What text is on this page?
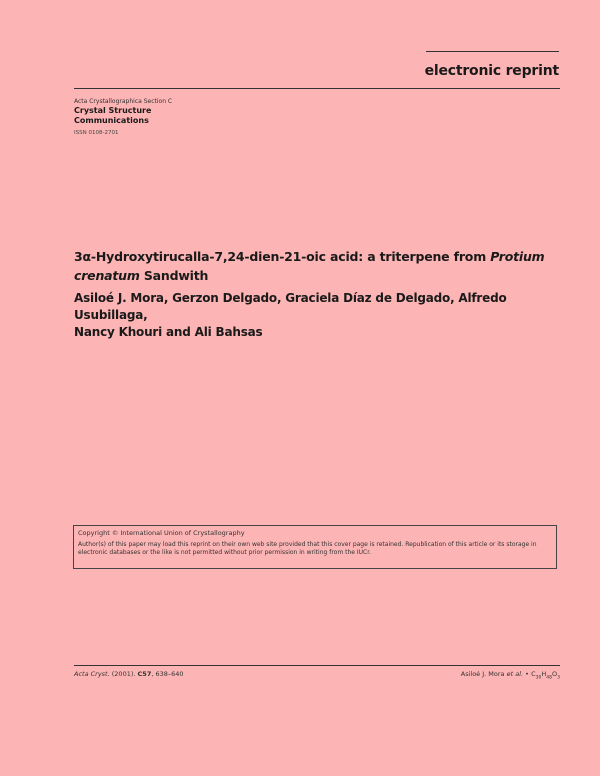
electronic reprint
Acta Crystallographica Section C
Crystal Structure
Communications
ISSN 0108-2701
3α-Hydroxytirucalla-7,24-dien-21-oic acid: a triterpene from Protium crenatum Sandwith
Asiloé J. Mora, Gerzon Delgado, Graciela Díaz de Delgado, Alfredo Usubillaga,
Nancy Khouri and Ali Bahsas
Copyright © International Union of Crystallography
Author(s) of this paper may load this reprint on their own web site provided that this cover page is retained. Republication of this article or its storage in electronic databases or the like is not permitted without prior permission in writing from the IUCr.
Acta Cryst. (2001). C57, 638–640	Asiloé J. Mora et al. • $C_{30}H_{48}O_3$
